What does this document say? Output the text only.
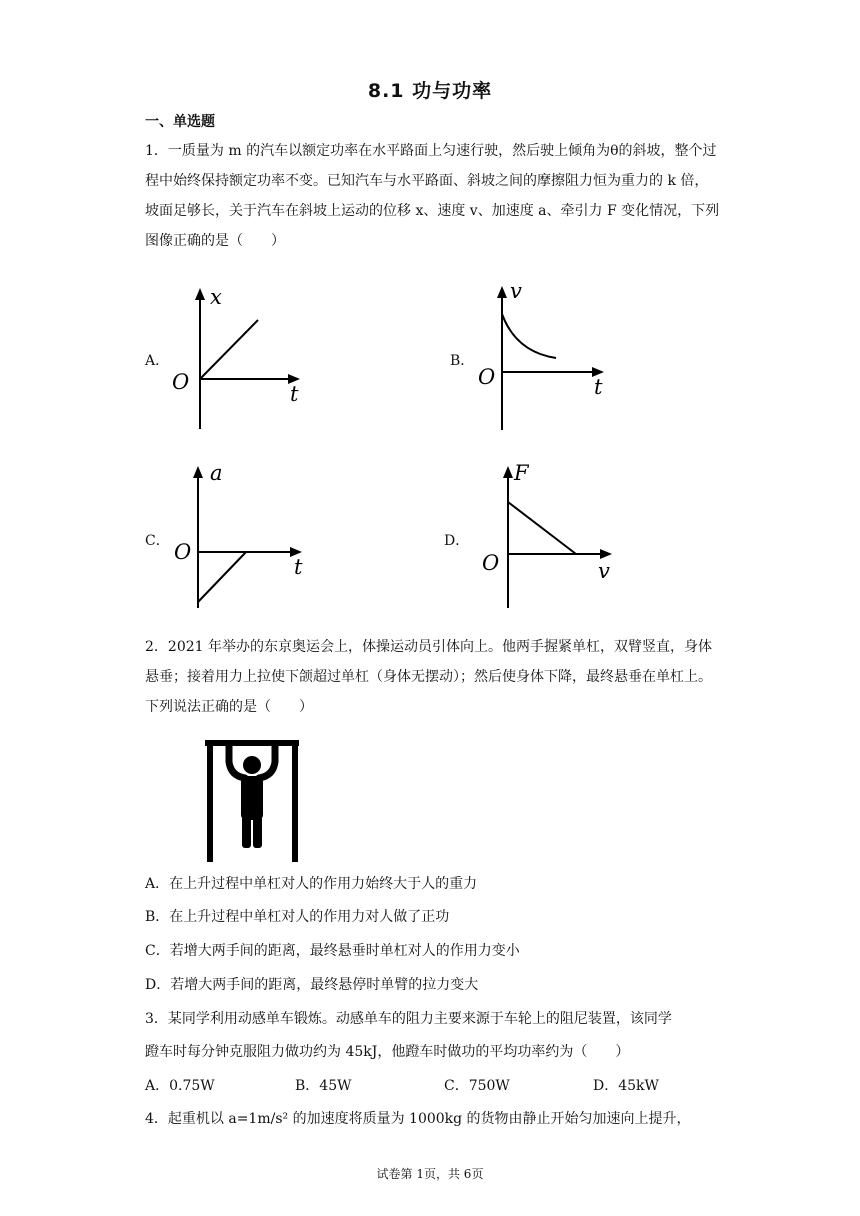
8.1 功与功率
一、单选题
1．一质量为 m 的汽车以额定功率在水平路面上匀速行驶，然后驶上倾角为θ的斜坡，整个过程中始终保持额定功率不变。已知汽车与水平路面、斜坡之间的摩擦阻力恒为重力的 k 倍，坡面足够长，关于汽车在斜坡上运动的位移 x、速度 v、加速度 a、牵引力 F 变化情况，下列图像正确的是（　　）
A．
x
O	t
B．
v
O	t
C．
a
O
t
D．
F
O	v
2．2021 年举办的东京奥运会上，体操运动员引体向上。他两手握紧单杠，双臂竖直，身体悬垂；接着用力上拉使下颌超过单杠（身体无摆动）；然后使身体下降，最终悬垂在单杠上。下列说法正确的是（　　）
A．在上升过程中单杠对人的作用力始终大于人的重力
B．在上升过程中单杠对人的作用力对人做了正功
C．若增大两手间的距离，最终悬垂时单杠对人的作用力变小
D．若增大两手间的距离，最终悬停时单臂的拉力变大
3．某同学利用动感单车锻炼。动感单车的阻力主要来源于车轮上的阻尼装置，该同学
蹬车时每分钟克服阻力做功约为 45kJ，他蹬车时做功的平均功率约为（　　）
A．0.75W	B．45W	C．750W	D．45kW
4．起重机以 a=1m/s² 的加速度将质量为 1000kg 的货物由静止开始匀加速向上提升，
试卷第 1页，共 6页
